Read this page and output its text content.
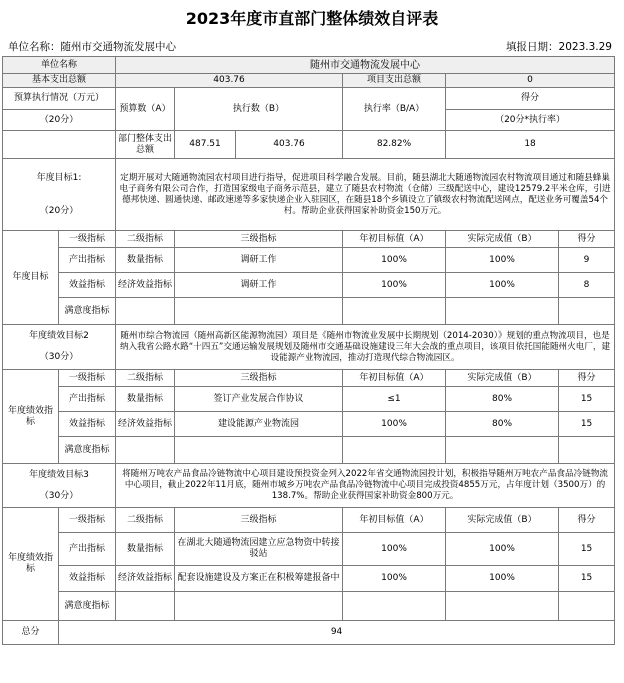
2023年度市直部门整体绩效自评表
单位名称：随州市交通物流发展中心	填报日期：2023.3.29
单位名称		随州市交通物流发展中心					
基本支出总额		403.76			项目支出总额	0	
预算执行情况（万元）		预算数（A）	执行数（B）		执行率（B/A）	得分	
（20分）						（20分*执行率）	
		部门整体支出总额	487.51	403.76	82.82%	18	

年度目标1:
（20分）		定期开展对大随通物流园农村项目进行指导，促进项目科学融合发展。目前，随县湖北大随通物流园农村物流项目通过和随县蜂巢电子商务有限公司合作，打造国家级电子商务示范县，建立了随县农村物流（仓储）三级配送中心，建设12579.2平米仓库，引进德邦快递、圆通快递、邮政速递等多家快递企业入驻园区，在随县18个乡镇设立了镇级农村物流配送网点，配送业务可覆盖54个村。帮助企业获得国家补助资金150万元。					
年度目标	一级指标	二级指标	三级指标		年初目标值（A）	实际完成值（B）	得分
	产出指标	数量指标	调研工作		100%	100%	9
	效益指标	经济效益指标	调研工作		100%	100%	8
	满意度指标						

年度绩效目标2
（30分）		随州市综合物流园（随州高新区能源物流园）项目是《随州市物流业发展中长期规划（2014-2030）》规划的重点物流项目，也是纳入我省公路水路“十四五”交通运输发展规划及随州市交通基础设施建设三年大会战的重点项目，该项目依托国能随州火电厂，建设能源产业物流园，推动打造现代综合物流园区。					
年度绩效指标	一级指标	二级指标	三级指标		年初目标值（A）	实际完成值（B）	得分
	产出指标	数量指标	签订产业发展合作协议		≤1	80%	15
	效益指标	经济效益指标	建设能源产业物流园		100%	80%	15
	满意度指标						

年度绩效目标3
（30分）		将随州万吨农产品食品冷链物流中心项目建设预投资金列入2022年省交通物流园投计划，积极指导随州万吨农产品食品冷链物流中心项目，截止2022年11月底，随州市城乡万吨农产品食品冷链物流中心项目完成投资4855万元，占年度计划（3500万）的138.7%。帮助企业获得国家补助资金800万元。					
年度绩效指标	一级指标	二级指标	三级指标		年初目标值（A）	实际完成值（B）	得分
	产出指标	数量指标	在湖北大随通物流园建立应急物资中转接驳站		100%	100%	15
	效益指标	经济效益指标	配套设施建设及方案正在积极筹建报备中		100%	100%	15
	满意度指标						
总分	94						
